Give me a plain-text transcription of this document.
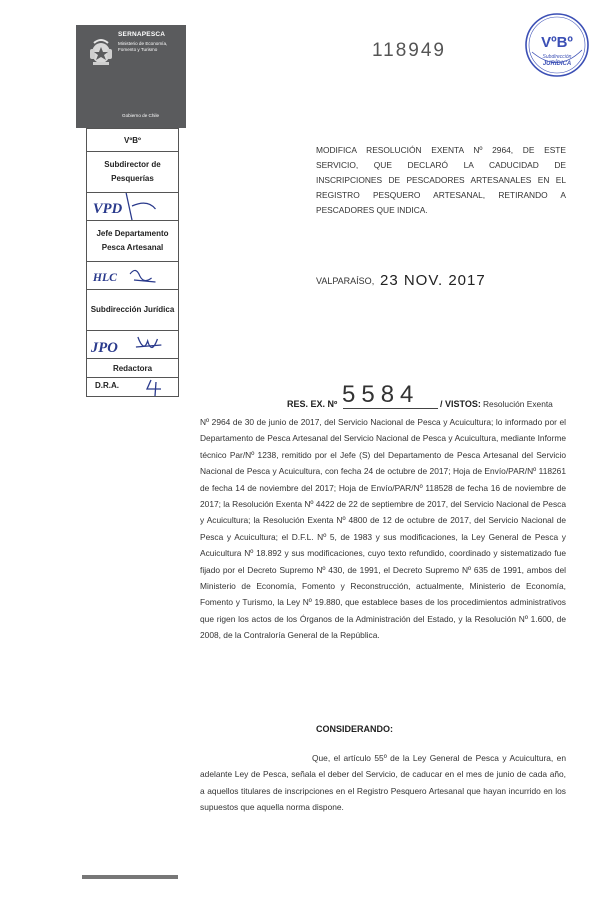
SERNAPESCA
Ministerio de Economía, Fomento y Turismo
Gobierno de Chile
VºBº
Subdirector de Pesquerías

VPD

Jefe Departamento Pesca Artesanal

HLC

Subdirección Jurídica

JPO

Redactora

D.R.A.
118949	VºBº
Subdirección
JURÍDICA
MODIFICA RESOLUCIÓN EXENTA Nº 2964, DE ESTE SERVICIO, QUE DECLARÓ LA CADUCIDAD DE INSCRIPCIONES DE PESCADORES ARTESANALES EN EL REGISTRO PESQUERO ARTESANAL, RETIRANDO A PESCADORES QUE INDICA.
VALPARAÍSO, 23 NOV. 2017
RES. EX. Nº 5584 / VISTOS: Resolución Exenta
Nº 2964 de 30 de junio de 2017, del Servicio Nacional de Pesca y Acuicultura; lo informado por el Departamento de Pesca Artesanal del Servicio Nacional de Pesca y Acuicultura, mediante Informe técnico Par/Nº 1238, remitido por el Jefe (S) del Departamento de Pesca Artesanal del Servicio Nacional de Pesca y Acuicultura, con fecha 24 de octubre de 2017; Hoja de Envío/PAR/Nº 118261 de fecha 14 de noviembre del 2017; Hoja de Envío/PAR/Nº 118528 de fecha 16 de noviembre de 2017; la Resolución Exenta Nº 4422 de 22 de septiembre de 2017, del Servicio Nacional de Pesca y Acuicultura; la Resolución Exenta Nº 4800 de 12 de octubre de 2017, del Servicio Nacional de Pesca y Acuicultura; el D.F.L. Nº 5, de 1983 y sus modificaciones, la Ley General de Pesca y Acuicultura Nº 18.892 y sus modificaciones, cuyo texto refundido, coordinado y sistematizado fue fijado por el Decreto Supremo Nº 430, de 1991, el Decreto Supremo Nº 635 de 1991, ambos del Ministerio de Economía, Fomento y Reconstrucción, actualmente, Ministerio de Economía, Fomento y Turismo, la Ley Nº 19.880, que establece bases de los procedimientos administrativos que rigen los actos de los Órganos de la Administración del Estado, y la Resolución Nº 1.600, de 2008, de la Contraloría General de la República.
CONSIDERANDO:
Que, el artículo 55º de la Ley General de Pesca y Acuicultura, en adelante Ley de Pesca, señala el deber del Servicio, de caducar en el mes de junio de cada año, a aquellos titulares de inscripciones en el Registro Pesquero Artesanal que hayan incurrido en los supuestos que aquella norma dispone.
